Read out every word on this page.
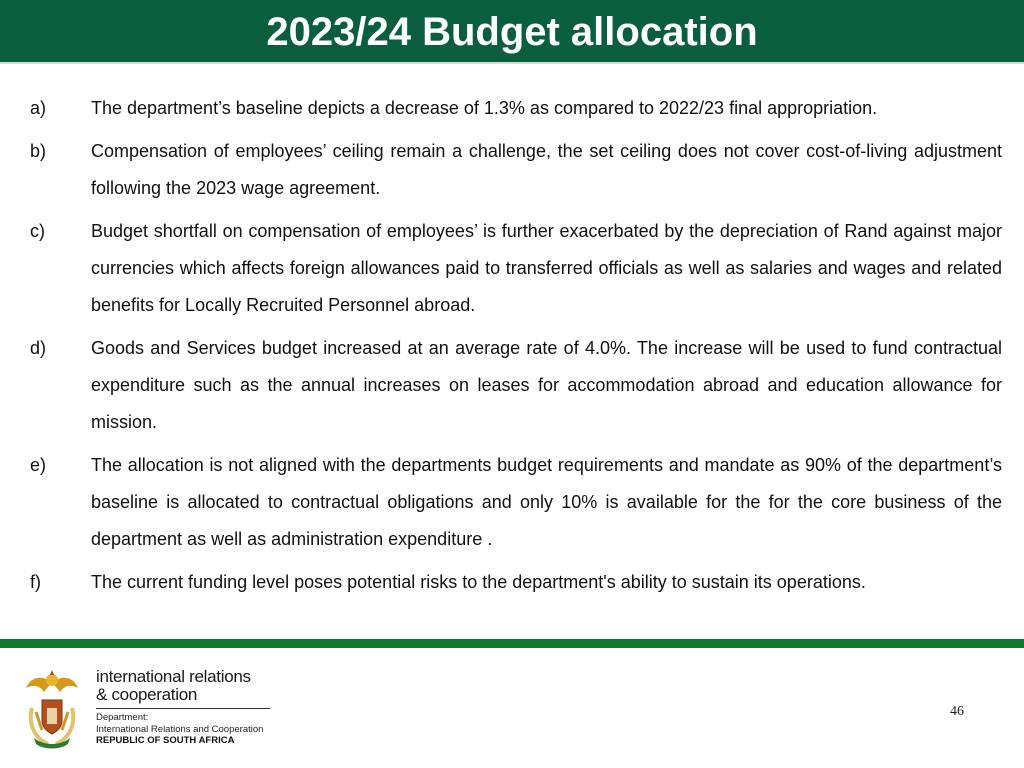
2023/24 Budget allocation
a)	The department’s baseline depicts a decrease of 1.3% as compared to 2022/23 final appropriation.
b)	Compensation of employees’ ceiling remain a challenge, the set ceiling does not cover cost-of-living adjustment following the 2023 wage agreement.
c)	Budget shortfall on compensation of employees’ is further exacerbated by the depreciation of Rand against major currencies which affects foreign allowances paid to transferred officials as well as salaries and wages and related benefits for Locally Recruited Personnel abroad.
d)	Goods and Services budget increased at an average rate of 4.0%. The increase will be used to fund contractual expenditure such as the annual increases on leases for accommodation abroad and education allowance for mission.
e)	The allocation is not aligned with the departments budget requirements and mandate as 90% of the department’s baseline is allocated to contractual obligations and only 10% is available for the for the core business of the department as well as administration expenditure .
f)	The current funding level poses potential risks to the department's ability to sustain its operations.
international relations
& cooperation
Department:
International Relations and Cooperation
REPUBLIC OF SOUTH AFRICA
46
